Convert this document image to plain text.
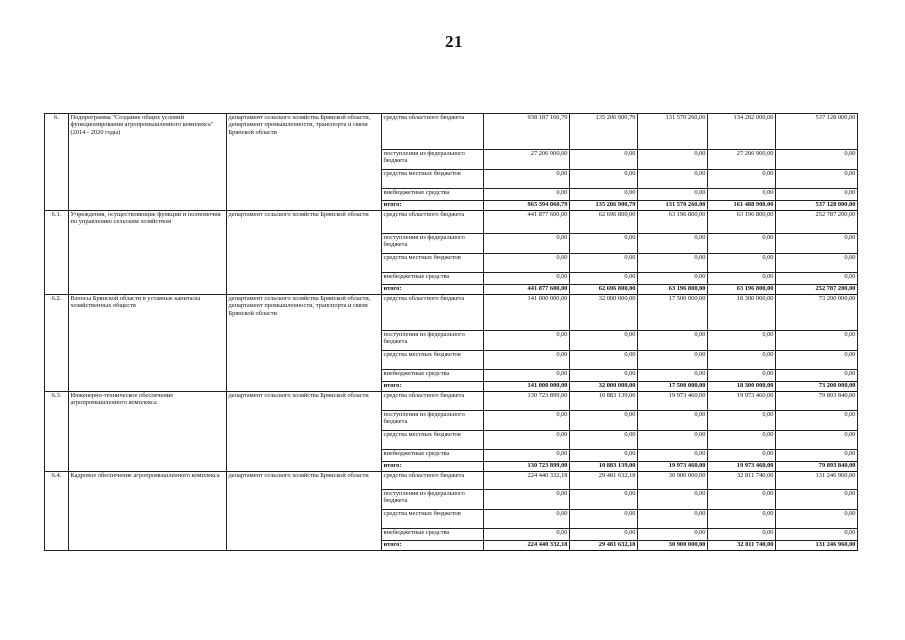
21
6.	Подпрограмма "Создание общих условий функционирования агропромышленного комплекса" (2014 - 2020 годы)	департамент сельского хозяйства Брянской области, департамент промышленности, транспорта и связи Брянской области	средства областного бюджета	938 187 160,79	135 206 900,79	131 570 260,00	134 282 000,00	537 128 000,00
			поступления из федерального бюджета	27 206 900,00	0,00	0,00	27 206 900,00	0,00
			средства местных бюджетов	0,00	0,00	0,00	0,00	0,00
			внебюджетные средства	0,00	0,00	0,00	0,00	0,00
			итого:	965 394 060,79	135 206 900,79	131 570 260,00	161 488 900,00	537 128 000,00
6.1.	Учреждения, осуществляющие функции и полномочия по управлению сельским хозяйством	департамент сельского хозяйства Брянской области	средства областного бюджета	441 877 600,00	62 696 800,00	63 196 800,00	63 196 800,00	252 787 200,00
			поступления из федерального бюджета	0,00	0,00	0,00	0,00	0,00
			средства местных бюджетов	0,00	0,00	0,00	0,00	0,00
			внебюджетные средства	0,00	0,00	0,00	0,00	0,00
			итого:	441 877 600,00	62 696 800,00	63 196 800,00	63 196 800,00	252 787 200,00
6.2.	Взносы Брянской области в уставные капиталы хозяйственных обществ	департамент сельского хозяйства Брянской области, департамент промышленности, транспорта и связи Брянской области	средства областного бюджета	141 000 000,00	32 000 000,00	17 500 000,00	18 300 000,00	73 200 000,00
			поступления из федерального бюджета	0,00	0,00	0,00	0,00	0,00
			средства местных бюджетов	0,00	0,00	0,00	0,00	0,00
			внебюджетные средства	0,00	0,00	0,00	0,00	0,00
			итого:	141 000 000,00	32 000 000,00	17 500 000,00	18 300 000,00	73 200 000,00
6.3.	Инженерно-техническое обеспечение агропромышленного комплекса	департамент сельского хозяйства Брянской области	средства областного бюджета	130 723 899,00	10 883 139,00	19 973 460,00	19 973 460,00	79 893 840,00
			поступления из федерального бюджета	0,00	0,00	0,00	0,00	0,00
			средства местных бюджетов	0,00	0,00	0,00	0,00	0,00
			внебюджетные средства	0,00	0,00	0,00	0,00	0,00
			итого:	130 723 899,00	10 883 139,00	19 973 460,00	19 973 460,00	79 893 840,00
6.4.	Кадровое обеспечение агропромышленного комплекса	департамент сельского хозяйства Брянской области	средства областного бюджета	224 440 332,18	29 481 632,18	30 900 000,00	32 811 740,00	131 246 960,00
			поступления из федерального бюджета	0,00	0,00	0,00	0,00	0,00
			средства местных бюджетов	0,00	0,00	0,00	0,00	0,00
			внебюджетные средства	0,00	0,00	0,00	0,00	0,00
			итого:	224 440 332,18	29 481 632,18	30 900 000,00	32 811 740,00	131 246 960,00
